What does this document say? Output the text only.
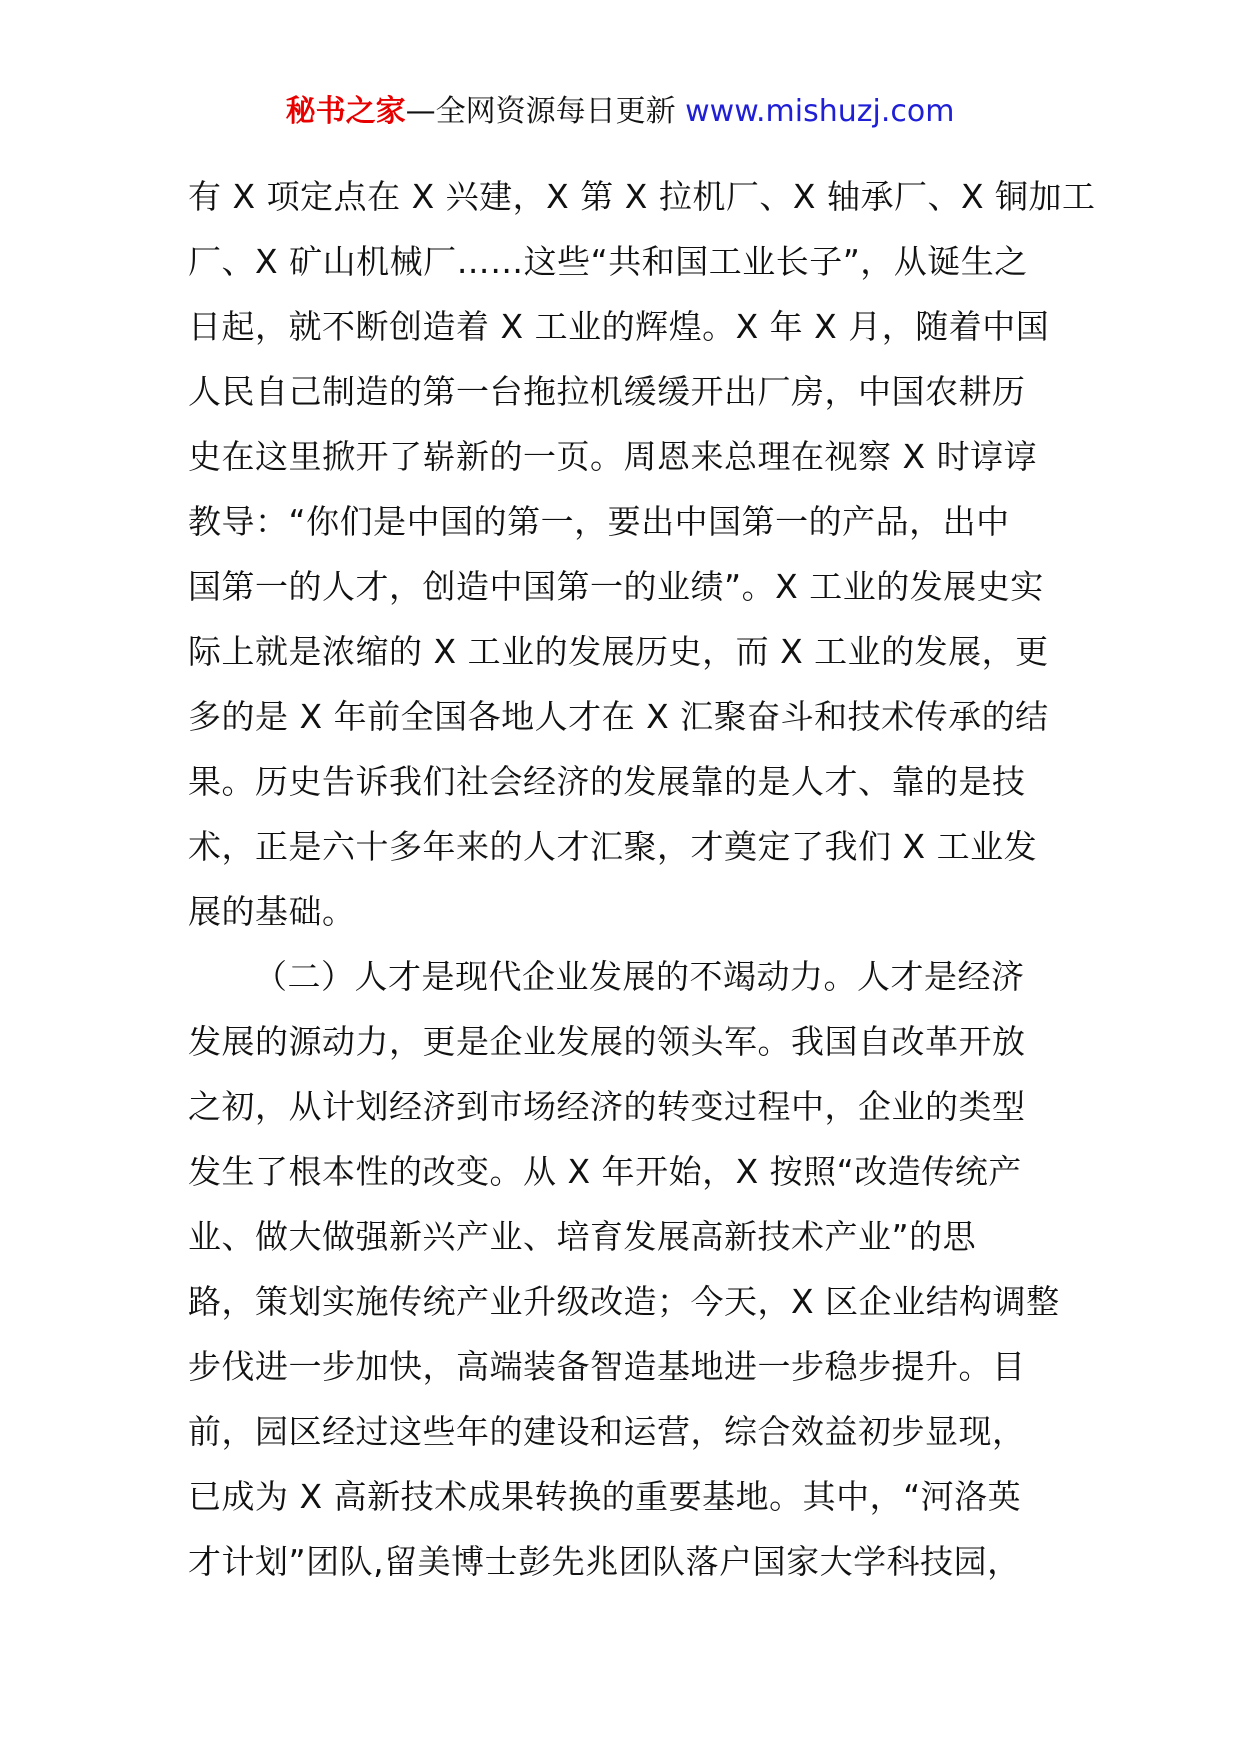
秘书之家—全网资源每日更新 www.mishuzj.com
有 X 项定点在 X 兴建，X 第 X 拉机厂、X 轴承厂、X 铜加工
厂、X 矿山机械厂……这些“共和国工业长子”，从诞生之
日起，就不断创造着 X 工业的辉煌。X 年 X 月，随着中国
人民自己制造的第一台拖拉机缓缓开出厂房，中国农耕历
史在这里掀开了崭新的一页。周恩来总理在视察 X 时谆谆
教导：“你们是中国的第一，要出中国第一的产品，出中
国第一的人才，创造中国第一的业绩”。X 工业的发展史实
际上就是浓缩的 X 工业的发展历史，而 X 工业的发展，更
多的是 X 年前全国各地人才在 X 汇聚奋斗和技术传承的结
果。历史告诉我们社会经济的发展靠的是人才、靠的是技
术，正是六十多年来的人才汇聚，才奠定了我们 X 工业发
展的基础。
（二）人才是现代企业发展的不竭动力。人才是经济
发展的源动力，更是企业发展的领头军。我国自改革开放
之初，从计划经济到市场经济的转变过程中，企业的类型
发生了根本性的改变。从 X 年开始，X 按照“改造传统产
业、做大做强新兴产业、培育发展高新技术产业”的思
路，策划实施传统产业升级改造；今天，X 区企业结构调整
步伐进一步加快，高端装备智造基地进一步稳步提升。目
前，园区经过这些年的建设和运营，综合效益初步显现，
已成为 X 高新技术成果转换的重要基地。其中，“河洛英
才计划”团队,留美博士彭先兆团队落户国家大学科技园，
